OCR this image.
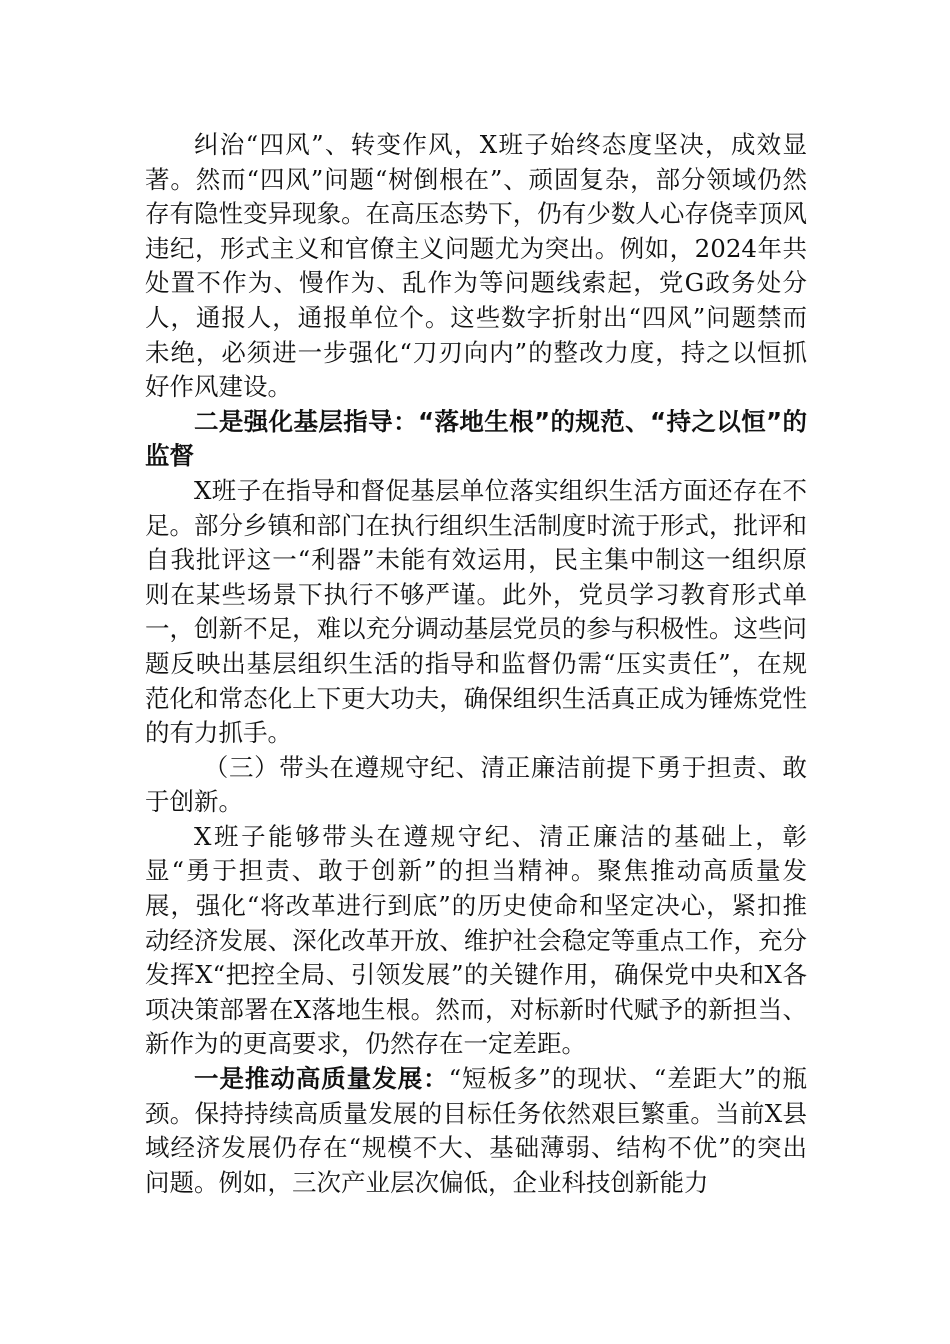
纠治“四风”、转变作风，X班子始终态度坚决，成效显著。然而“四风”问题“树倒根在”、顽固复杂，部分领域仍然存有隐性变异现象。在高压态势下，仍有少数人心存侥幸顶风违纪，形式主义和官僚主义问题尤为突出。例如，2024年共处置不作为、慢作为、乱作为等问题线索起，党G政务处分人，通报人，通报单位个。这些数字折射出“四风”问题禁而未绝，必须进一步强化“刀刃向内”的整改力度，持之以恒抓好作风建设。

二是强化基层指导：“落地生根”的规范、“持之以恒”的监督

X班子在指导和督促基层单位落实组织生活方面还存在不足。部分乡镇和部门在执行组织生活制度时流于形式，批评和自我批评这一“利器”未能有效运用，民主集中制这一组织原则在某些场景下执行不够严谨。此外，党员学习教育形式单一，创新不足，难以充分调动基层党员的参与积极性。这些问题反映出基层组织生活的指导和监督仍需“压实责任”，在规范化和常态化上下更大功夫，确保组织生活真正成为锤炼党性的有力抓手。

（三）带头在遵规守纪、清正廉洁前提下勇于担责、敢于创新。

X班子能够带头在遵规守纪、清正廉洁的基础上，彰显“勇于担责、敢于创新”的担当精神。聚焦推动高质量发展，强化“将改革进行到底”的历史使命和坚定决心，紧扣推动经济发展、深化改革开放、维护社会稳定等重点工作，充分发挥X“把控全局、引领发展”的关键作用，确保党中央和X各项决策部署在X落地生根。然而，对标新时代赋予的新担当、新作为的更高要求，仍然存在一定差距。

一是推动高质量发展：“短板多”的现状、“差距大”的瓶颈。保持持续高质量发展的目标任务依然艰巨繁重。当前X县域经济发展仍存在“规模不大、基础薄弱、结构不优”的突出问题。例如，三次产业层次偏低，企业科技创新能力
